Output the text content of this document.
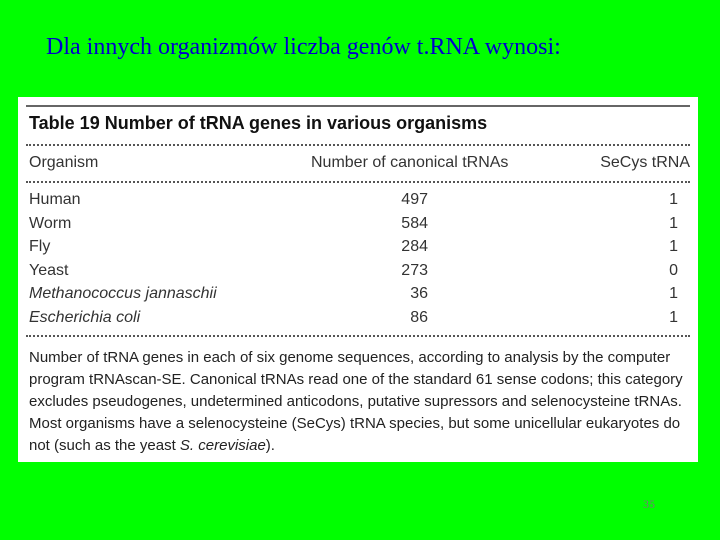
Dla innych organizmów liczba genów t.RNA wynosi:
Table 19 Number of tRNA genes in various organisms
Organism	Number of canonical tRNAs	SeCys tRNA
Human	497	1
Worm	584	1
Fly	284	1
Yeast	273	0
Methanococcus jannaschii	36	1
Escherichia coli	86	1
Number of tRNA genes in each of six genome sequences, according to analysis by the computer program tRNAscan-SE. Canonical tRNAs read one of the standard 61 sense codons; this category excludes pseudogenes, undetermined anticodons, putative supressors and selenocysteine tRNAs. Most organisms have a selenocysteine (SeCys) tRNA species, but some unicellular eukaryotes do not (such as the yeast S. cerevisiae).
35
